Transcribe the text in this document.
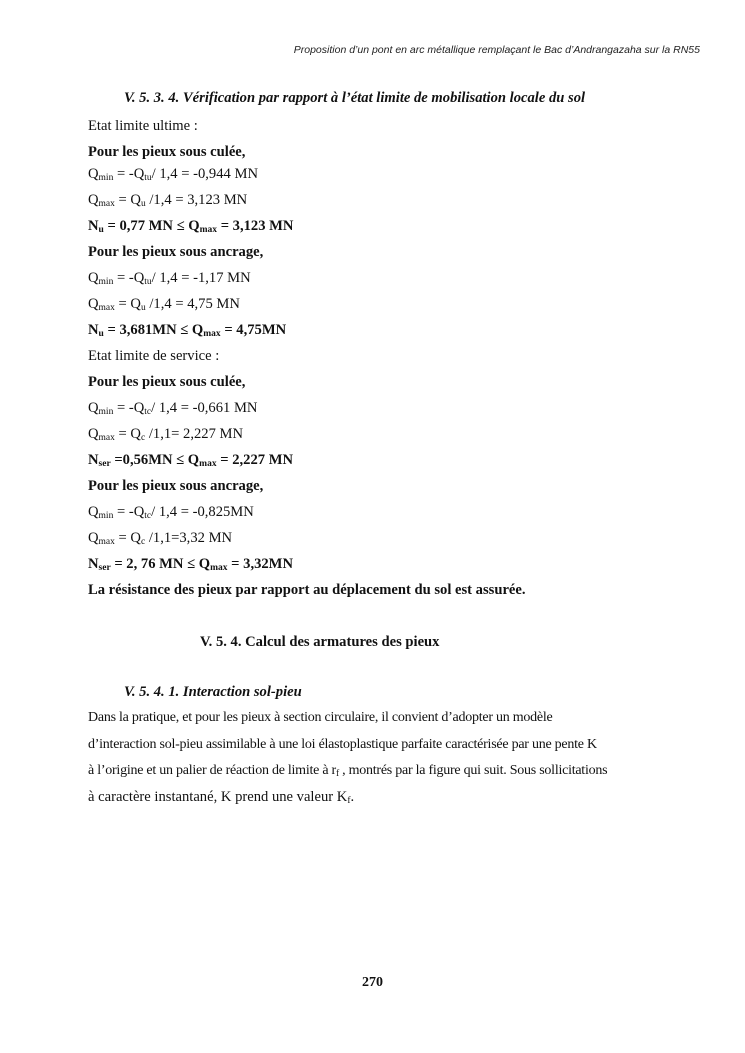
Proposition d’un pont en arc métallique remplaçant le Bac d’Andrangazaha sur la RN55
V. 5. 3. 4. Vérification par rapport à l’état limite de mobilisation locale du sol
Etat limite ultime :
Pour les pieux sous culée,
$Q_{min} = -Q_{tu}/$ 1,4 = -0,944 MN
$Q_{max} = Q_u$ /1,4 = 3,123 MN
$N_u = 0,77$ MN ≤ $Q_{max} = 3,123$ MN
Pour les pieux sous ancrage,
$Q_{min} = -Q_{tu}/$ 1,4 = -1,17 MN
$Q_{max} = Q_u$ /1,4 = 4,75 MN
$N_u = 3,681MN \le Q_{max} = 4,75MN$
Etat limite de service :
Pour les pieux sous culée,
$Q_{min} = -Q_{tc}/$ 1,4 = -0,661 MN
$Q_{max} = Q_c$ /1,1= 2,227 MN
$N_{ser} =0,56MN \le Q_{max} = 2,227$ MN
Pour les pieux sous ancrage,
$Q_{min} = -Q_{tc}/$ 1,4 = -0,825MN
$Q_{max} = Q_c$ /1,1=3,32 MN
$N_{ser} = 2$, 76 MN ≤ $Q_{max} = 3,32MN$
La résistance des pieux par rapport au déplacement du sol est assurée.
V. 5. 4. Calcul des armatures des pieux
V. 5. 4. 1. Interaction sol-pieu
Dans la pratique, et pour les pieux à section circulaire, il convient d’adopter un modèle
d’interaction sol-pieu assimilable à une loi élastoplastique parfaite caractérisée par une pente K
à l’origine et un palier de réaction de limite à $r_f$ , montrés par la figure qui suit. Sous sollicitations
à caractère instantané, K prend une valeur $K_f$.
270
